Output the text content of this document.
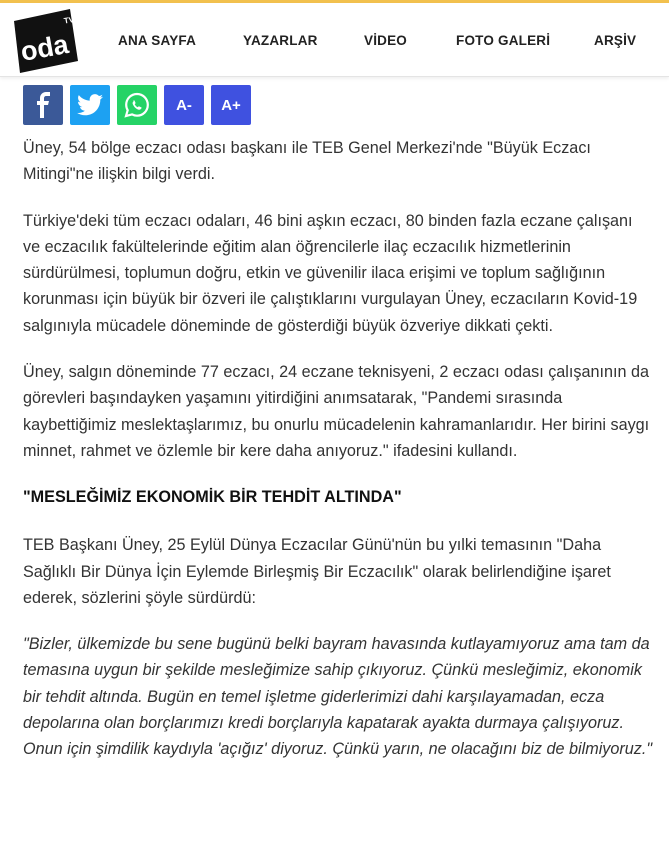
oda
TV
ANA SAYFA	YAZARLAR	VİDEO	FOTO GALERİ	ARŞİV
A-	A+

Üney, 54 bölge eczacı odası başkanı ile TEB Genel Merkezi'nde "Büyük Eczacı Mitingi"ne ilişkin bilgi verdi.

Türkiye'deki tüm eczacı odaları, 46 bini aşkın eczacı, 80 binden fazla eczane çalışanı ve eczacılık fakültelerinde eğitim alan öğrencilerle ilaç eczacılık hizmetlerinin sürdürülmesi, toplumun doğru, etkin ve güvenilir ilaca erişimi ve toplum sağlığının korunması için büyük bir özveri ile çalıştıklarını vurgulayan Üney, eczacıların Kovid-19 salgınıyla mücadele döneminde de gösterdiği büyük özveriye dikkati çekti.

Üney, salgın döneminde 77 eczacı, 24 eczane teknisyeni, 2 eczacı odası çalışanının da görevleri başındayken yaşamını yitirdiğini anımsatarak, "Pandemi sırasında kaybettiğimiz meslektaşlarımız, bu onurlu mücadelenin kahramanlarıdır. Her birini saygı minnet, rahmet ve özlemle bir kere daha anıyoruz." ifadesini kullandı.

"MESLEĞİMİZ EKONOMİK BİR TEHDİT ALTINDA"

TEB Başkanı Üney, 25 Eylül Dünya Eczacılar Günü'nün bu yılki temasının "Daha Sağlıklı Bir Dünya İçin Eylemde Birleşmiş Bir Eczacılık" olarak belirlendiğine işaret ederek, sözlerini şöyle sürdürdü:

"Bizler, ülkemizde bu sene bugünü belki bayram havasında kutlayamıyoruz ama tam da temasına uygun bir şekilde mesleğimize sahip çıkıyoruz. Çünkü mesleğimiz, ekonomik bir tehdit altında. Bugün en temel işletme giderlerimizi dahi karşılayamadan, ecza depolarına olan borçlarımızı kredi borçlarıyla kapatarak ayakta durmaya çalışıyoruz. Onun için şimdilik kaydıyla 'açığız' diyoruz. Çünkü yarın, ne olacağını biz de bilmiyoruz."
